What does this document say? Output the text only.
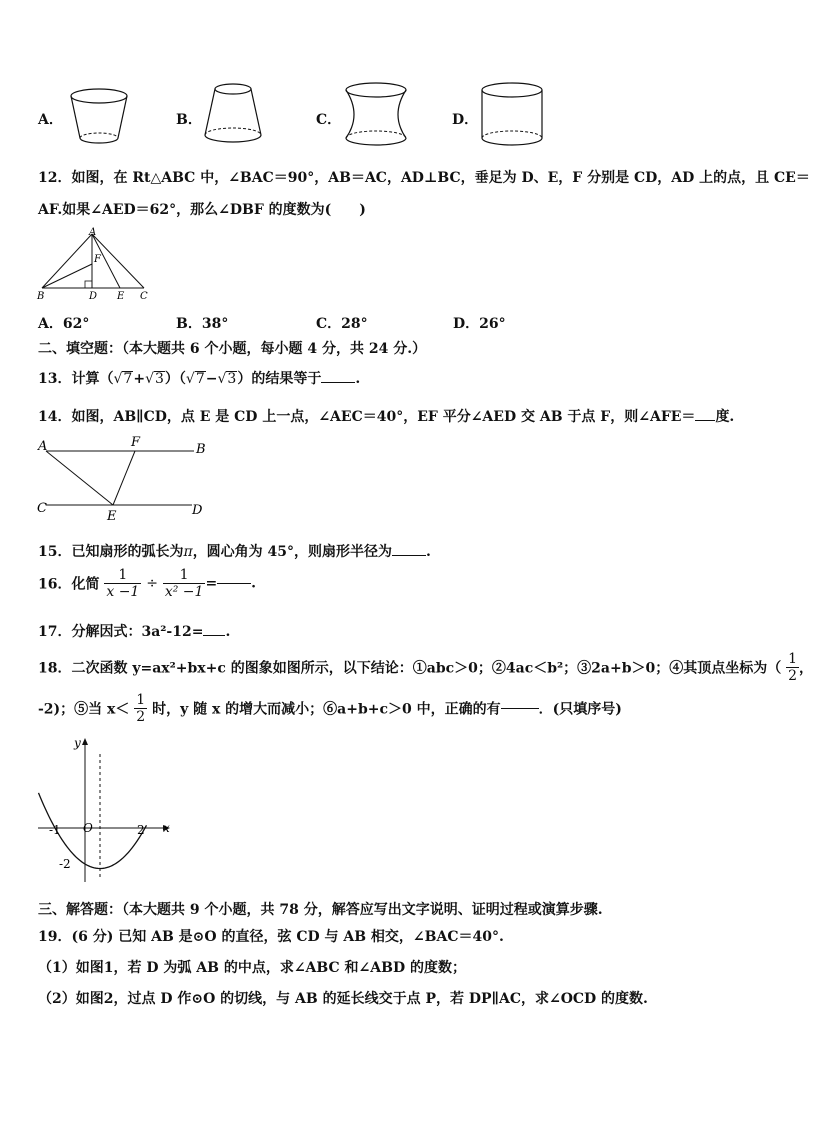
A．	B．	C．	D．
12．如图，在 Rt△ABC 中，∠BAC＝90°，AB＝AC，AD⊥BC，垂足为 D、E，F 分别是 CD，AD 上的点，且 CE＝
AF.如果∠AED＝62°，那么∠DBF 的度数为(　　)
A
F
B	D E C
A．62°	B．38°	C．28°	D．26°
二、填空题：（本大题共 6 个小题，每小题 4 分，共 24 分.）
13．计算（√7+√3）（√7−√3）的结果等于 .
14．如图，AB∥CD，点 E 是 CD 上一点，∠AEC＝40°，EF 平分∠AED 交 AB 于点 F，则∠AFE＝ 度.
A	F	B
C
E	D
15．已知扇形的弧长为π，圆心角为 45°，则扇形半径为 .
16．化简 $\frac{1}{x -1} \div \frac{1}{\text{x² −1}}$ = .
17．分解因式：3a²-12= .
18．二次函数 y=ax²+bx+c 的图象如图所示，以下结论：①abc＞0；②4ac＜b²；③2a+b＞0；④其顶点坐标为（ $\frac{1}{2}$ ，
-2)；⑤当 $x< \frac{1}{2}$ 时，y 随 x 的增大而减小；⑥a+b+c＞0 中，正确的有	．(只填序号)
y
x
O
-1	2
-2
三、解答题：（本大题共 9 个小题，共 78 分，解答应写出文字说明、证明过程或演算步骤.
19．(6 分) 已知 AB 是⊙O 的直径，弦 CD 与 AB 相交，∠BAC＝40°.
（1）如图1，若 D 为弧 AB 的中点，求∠ABC 和∠ABD 的度数；
（2）如图2，过点 D 作⊙O 的切线，与 AB 的延长线交于点 P，若 DP∥AC，求∠OCD 的度数.
